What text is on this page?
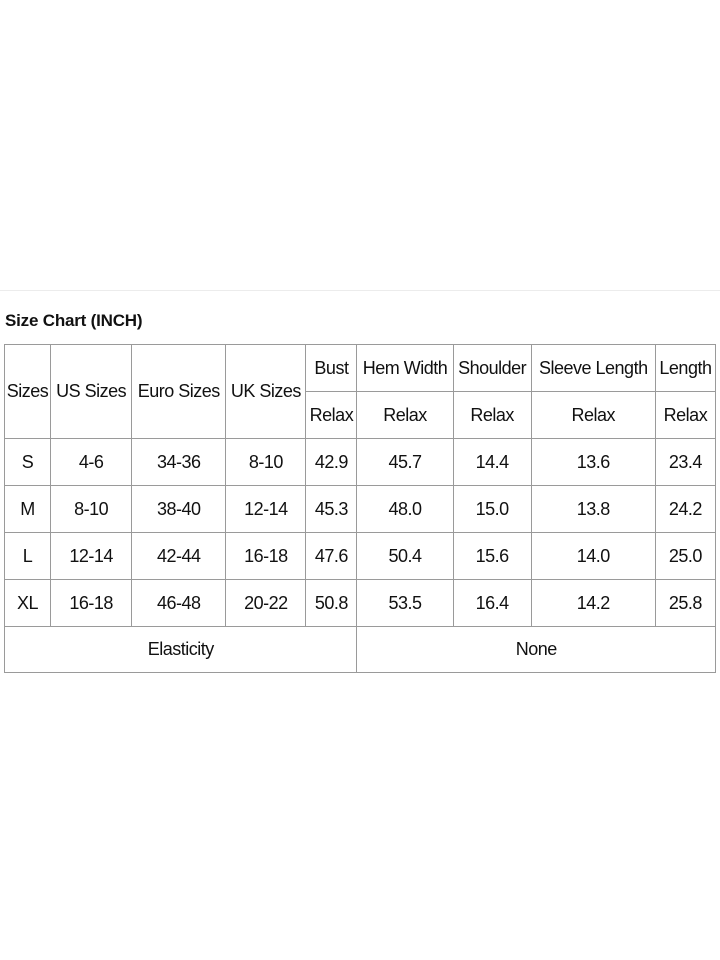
Size Chart (INCH)
Sizes	US Sizes	Euro Sizes	UK Sizes	Bust	Hem Width	Shoulder	Sleeve Length	Length
				Relax	Relax	Relax	Relax	Relax
S	4-6	34-36	8-10	42.9	45.7	14.4	13.6	23.4
M	8-10	38-40	12-14	45.3	48.0	15.0	13.8	24.2
L	12-14	42-44	16-18	47.6	50.4	15.6	14.0	25.0
XL	16-18	46-48	20-22	50.8	53.5	16.4	14.2	25.8
Elasticity					None			
